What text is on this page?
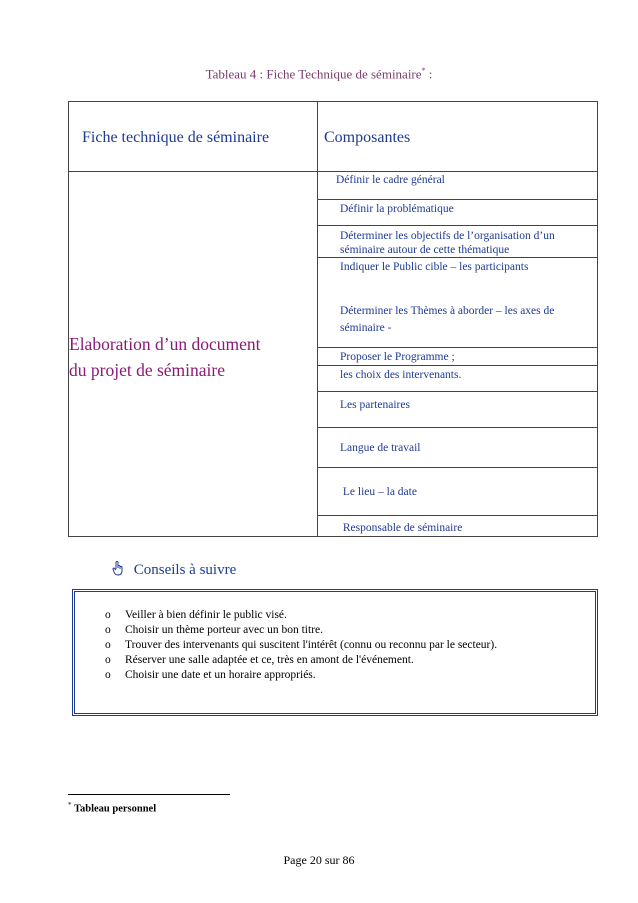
Tableau 4 : Fiche Technique de séminaire* :
Fiche technique de séminaire	Composantes
Elaboration d’un document
du projet de séminaire
Définir le cadre général
Définir la problématique
Déterminer les objectifs de l’organisation d’un
séminaire autour de cette thématique
Indiquer le Public cible – les participants
Déterminer les Thèmes à aborder – les axes de
séminaire -
Proposer le Programme ;
les choix des intervenants.
Les partenaires
Langue de travail
Le lieu – la date
Responsable de séminaire
Conseils à suivre
o Veiller à bien définir le public visé.
o Choisir un thème porteur avec un bon titre.
o Trouver des intervenants qui suscitent l'intérêt (connu ou reconnu par le secteur).
o Réserver une salle adaptée et ce, très en amont de l'événement.
o Choisir une date et un horaire appropriés.
* Tableau personnel
Page 20 sur 86
